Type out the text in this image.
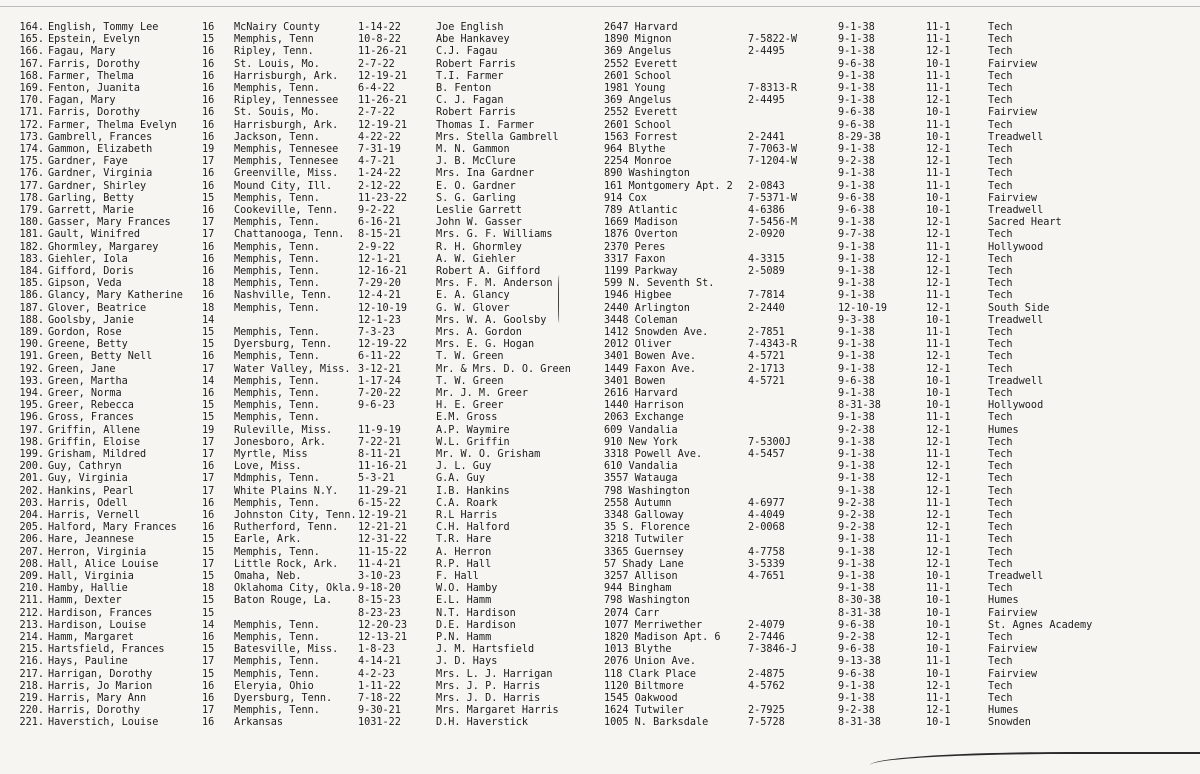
164. English, Tommy Lee	16	McNairy County	1-14-22	Joe English	2647 Harvard	9-1-38	11-1	Tech
165. Epstein, Evelyn	15	Memphis, Tenn	10-8-22	Abe Hankavey	1890 Mignon	7-5822-W	9-1-38	11-1	Tech
166. Fagau, Mary	16	Ripley, Tenn.	11-26-21	C.J. Fagau	369 Angelus	2-4495	9-1-38	12-1	Tech
167. Farris, Dorothy	16	St. Louis, Mo.	2-7-22	Robert Farris	2552 Everett	9-6-38	10-1	Fairview
168. Farmer, Thelma	16	Harrisburgh, Ark.	12-19-21	T.I. Farmer	2601 School	9-1-38	11-1	Tech
169. Fenton, Juanita	16	Memphis, Tenn.	6-4-22	B. Fenton	1981 Young	7-8313-R	9-1-38	11-1	Tech
170. Fagan, Mary	16	Ripley, Tennessee	11-26-21	C. J. Fagan	369 Angelus	2-4495	9-1-38	12-1	Tech
171. Farris, Dorothy	16	St. Souis, Mo.	2-7-22	Robert Farris	2552 Everett	9-6-38	10-1	Fairview
172. Farmer, Thelma Evelyn	16	Harrisburgh, Ark.	12-19-21	Thomas I. Farmer	2601 School	9-6-38	11-1	Tech
173. Gambrell, Frances	16	Jackson, Tenn.	4-22-22	Mrs. Stella Gambrell	1563 Forrest	2-2441	8-29-38	10-1	Treadwell
174. Gammon, Elizabeth	19	Memphis, Tennesee	7-31-19	M. N. Gammon	964 Blythe	7-7063-W	9-1-38	12-1	Tech
175. Gardner, Faye	17	Memphis, Tennesee	4-7-21	J. B. McClure	2254 Monroe	7-1204-W	9-2-38	12-1	Tech
176. Gardner, Virginia	16	Greenville, Miss.	1-24-22	Mrs. Ina Gardner	890 Washington	9-1-38	11-1	Tech
177. Gardner, Shirley	16	Mound City, Ill.	2-12-22	E. O. Gardner	161 Montgomery Apt. 2	2-0843	9-1-38	11-1	Tech
178. Garling, Betty	15	Memphis, Tenn.	11-23-22	S. G. Garling	914 Cox	7-5371-W	9-6-38	10-1	Fairview
179. Garrett, Marie	16	Cookeville, Tenn.	9-2-22	Leslie Garrett	789 Atlantic	4-6386	9-6-38	10-1	Treadwell
180. Gasser, Mary Frances	17	Memphis, Tenn.	6-16-21	John W. Gasser	1669 Madison	7-5456-M	9-1-38	12-1	Sacred Heart
181. Gault, Winifred	17	Chattanooga, Tenn.	8-15-21	Mrs. G. F. Williams	1876 Overton	2-0920	9-7-38	12-1	Tech
182. Ghormley, Margarey	16	Memphis, Tenn.	2-9-22	R. H. Ghormley	2370 Peres	9-1-38	11-1	Hollywood
183. Giehler, Iola	16	Memphis, Tenn.	12-1-21	A. W. Giehler	3317 Faxon	4-3315	9-1-38	12-1	Tech
184. Gifford, Doris	16	Memphis, Tenn.	12-16-21	Robert A. Gifford	1199 Parkway	2-5089	9-1-38	12-1	Tech
185. Gipson, Veda	18	Memphis, Tenn.	7-29-20	Mrs. F. M. Anderson	599 N. Seventh St.	9-1-38	12-1	Tech
186. Glancy, Mary Katherine	16	Nashville, Tenn.	12-4-21	E. A. Glancy	1946 Higbee	7-7814	9-1-38	11-1	Tech
187. Glover, Beatrice	18	Memphis, Tenn.	12-10-19	G. W. Glover	2440 Arlington	2-2440	12-10-19	12-1	South Side
188. Goolsby, Janie	14	12-1-23	Mrs. W. A. Goolsby	3448 Coleman	9-3-38	10-1	Treadwell
189. Gordon, Rose	15	Memphis, Tenn.	7-3-23	Mrs. A. Gordon	1412 Snowden Ave.	2-7851	9-1-38	11-1	Tech
190. Greene, Betty	15	Dyersburg, Tenn.	12-19-22	Mrs. E. G. Hogan	2012 Oliver	7-4343-R	9-1-38	11-1	Tech
191. Green, Betty Nell	16	Memphis, Tenn.	6-11-22	T. W. Green	3401 Bowen Ave.	4-5721	9-1-38	12-1	Tech
192. Green, Jane	17	Water Valley, Miss. 3-12-21	Mr. & Mrs. D. O. Green	1449 Faxon Ave.	2-1713	9-1-38	12-1	Tech
193. Green, Martha	14	Memphis, Tenn.	1-17-24	T. W. Green	3401 Bowen	4-5721	9-6-38	10-1	Treadwell
194. Greer, Norma	16	Memphis, Tenn.	7-20-22	Mr. J. M. Greer	2616 Harvard	9-1-38	10-1	Tech
195. Greer, Rebecca	15	Memphis, Tenn.	9-6-23	H. E. Greer	1440 Harrison	8-31-38	10-1	Hollywood
196. Gross, Frances	15	Memphis, Tenn.	E.M. Gross	2063 Exchange	9-1-38	11-1	Tech
197. Griffin, Allene	19	Ruleville, Miss.	11-9-19	A.P. Waymire	609 Vandalia	9-2-38	12-1	Humes
198. Griffin, Eloise	17	Jonesboro, Ark.	7-22-21	W.L. Griffin	910 New York	7-5300J	9-1-38	12-1	Tech
199. Grisham, Mildred	17	Myrtle, Miss	8-11-21	Mr. W. O. Grisham	3318 Powell Ave.	4-5457	9-1-38	11-1	Tech
200. Guy, Cathryn	16	Love, Miss.	11-16-21	J. L. Guy	610 Vandalia	9-1-38	12-1	Tech
201. Guy, Virginia	17	Mdmphis, Tenn.	5-3-21	G.A. Guy	3557 Watauga	9-1-38	12-1	Tech
202. Hankins, Pearl	17	White Plains N.Y.	11-29-21	I.B. Hankins	798 Washington	9-1-38	12-1	Tech
203. Harris, Odell	16	Memphis, Tenn.	6-15-22	C.A. Roark	2558 Autumn	4-6977	9-2-38	11-1	Tech
204. Harris, Vernell	16	Johnston City, Tenn. 12-19-21	R.L Harris	3348 Galloway	4-4049	9-2-38	12-1	Tech
205. Halford, Mary Frances	16	Rutherford, Tenn.	12-21-21	C.H. Halford	35 S. Florence	2-0068	9-2-38	12-1	Tech
206. Hare, Jeannese	15	Earle, Ark.	12-31-22	T.R. Hare	3218 Tutwiler	9-1-38	11-1	Tech
207. Herron, Virginia	15	Memphis, Tenn.	11-15-22	A. Herron	3365 Guernsey	4-7758	9-1-38	12-1	Tech
208. Hall, Alice Louise	17	Little Rock, Ark.	11-4-21	R.P. Hall	57 Shady Lane	3-5339	9-1-38	12-1	Tech
209. Hall, Virginia	15	Omaha, Neb.	3-10-23	F. Hall	3257 Allison	4-7651	9-1-38	10-1	Treadwell
210. Hamby, Hallie	18	Oklahoma City, Okla. 9-18-20	W.O. Hamby	944 Bingham	9-1-38	11-1	Tech
211. Hamm, Dexter	15	Baton Rouge, La.	8-15-23	E.L. Hamm	798 Washington	8-30-38	10-1	Humes
212. Hardison, Frances	15	8-23-23	N.T. Hardison	2074 Carr	8-31-38	10-1	Fairview
213. Hardison, Louise	14	Memphis, Tenn.	12-20-23	D.E. Hardison	1077 Merriwether	2-4079	9-6-38	10-1	St. Agnes Academy
214. Hamm, Margaret	16	Memphis, Tenn.	12-13-21	P.N. Hamm	1820 Madison Apt. 6	2-7446	9-2-38	12-1	Tech
215. Hartsfield, Frances	15	Batesville, Miss.	1-8-23	J. M. Hartsfield	1013 Blythe	7-3846-J	9-6-38	10-1	Fairview
216. Hays, Pauline	17	Memphis, Tenn.	4-14-21	J. D. Hays	2076 Union Ave.	9-13-38	11-1	Tech
217. Harrigan, Dorothy	15	Memphis, Tenn.	4-2-23	Mrs. L. J. Harrigan	118 Clark Place	2-4875	9-6-38	10-1	Fairview
218. Harris, Jo Marion	16	Eleryia, Ohio	1-11-22	Mrs. J. P. Harris	1120 Biltmore	4-5762	9-1-38	12-1	Tech
219. Harris, Mary Ann	16	Dyersburg, Tenn.	7-18-22	Mrs. J. D. Harris	1545 Oakwood	9-1-38	11-1	Tech
220. Harris, Dorothy	17	Memphis, Tenn.	9-30-21	Mrs. Margaret Harris	1624 Tutwiler	2-7925	9-2-38	12-1	Humes
221. Haverstich, Louise	16	Arkansas	1031-22	D.H. Haverstick	1005 N. Barksdale	7-5728	8-31-38	10-1	Snowden
